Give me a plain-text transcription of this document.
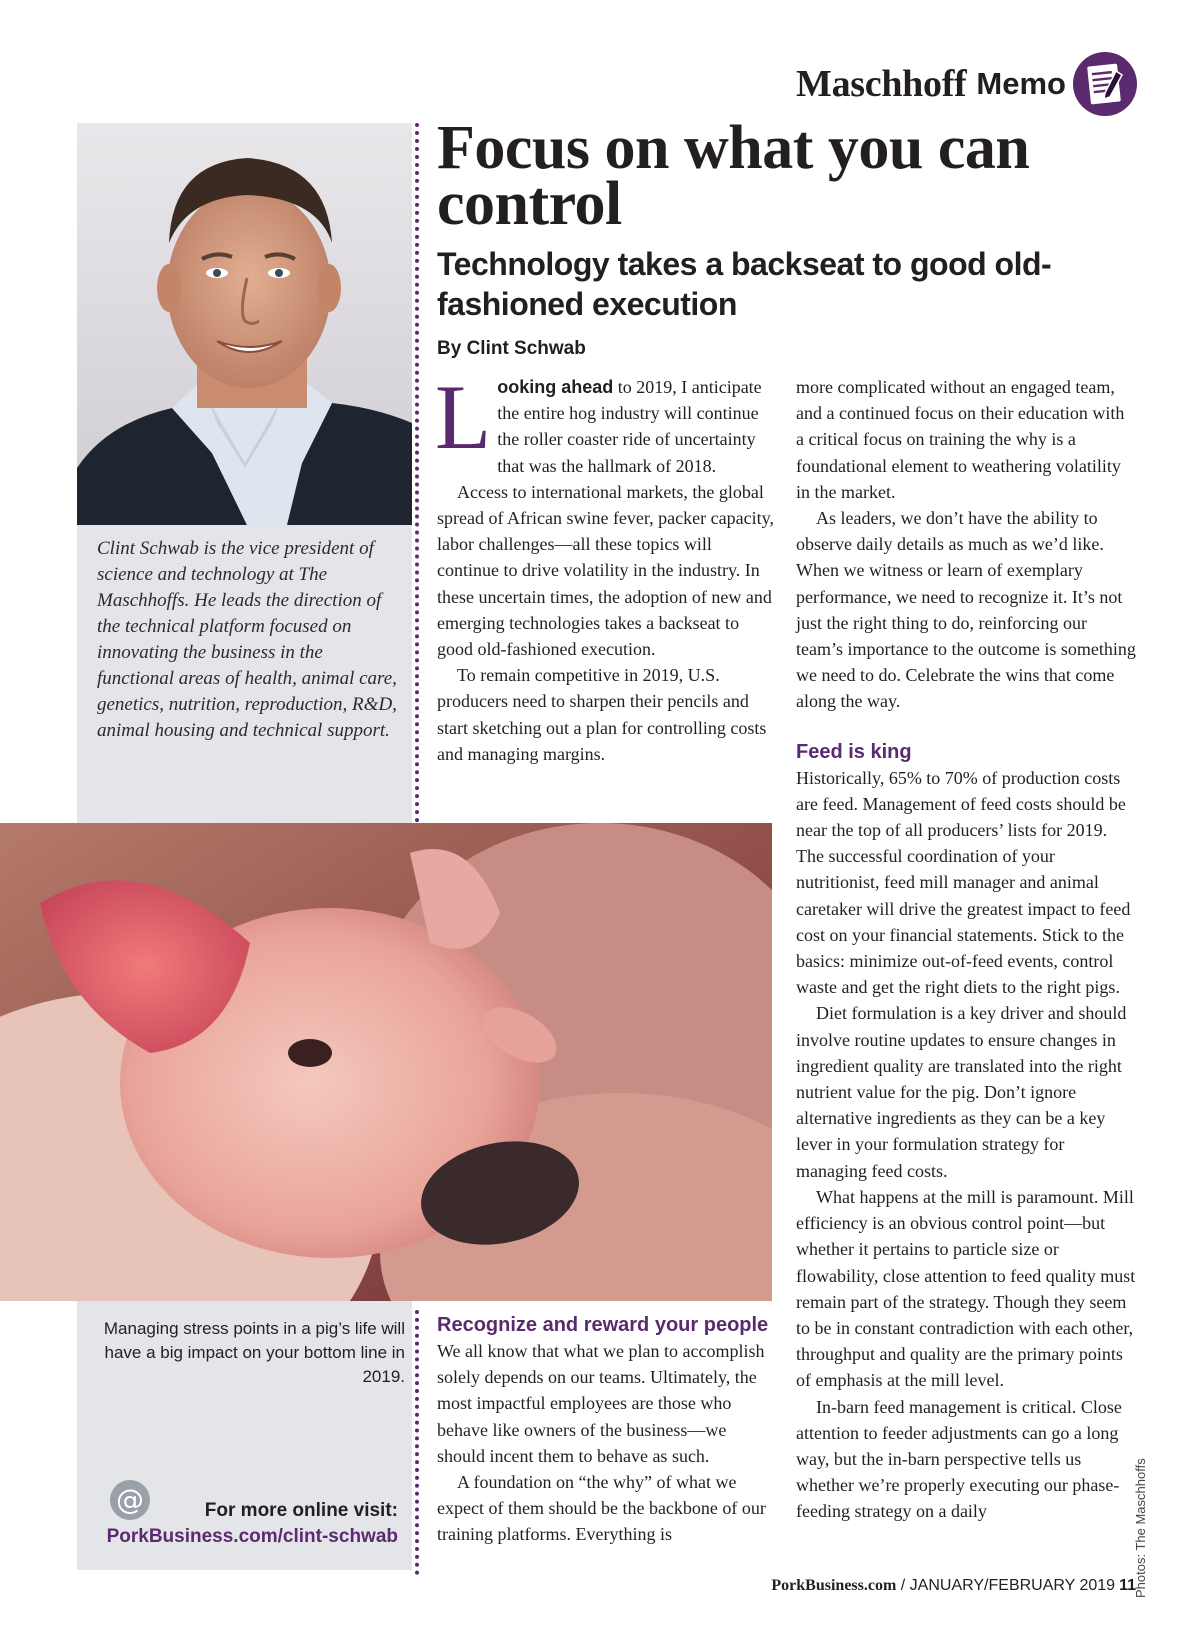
Maschhoff Memo
Clint Schwab is the vice president of science and technology at The Maschhoffs. He leads the direction of the technical platform focused on innovating the business in the functional areas of health, animal care, genetics, nutrition, reproduction, R&D, animal housing and technical support.
Managing stress points in a pig’s life will have a big impact on your bottom line in 2019.
@	For more online visit:
PorkBusiness.com/clint-schwab
Focus on what you can control
Technology takes a backseat to good old-fashioned execution
By Clint Schwab

Looking ahead to 2019, I anticipate the entire hog industry will continue the roller coaster ride of uncertainty that was the hallmark of 2018.

Access to international markets, the global spread of African swine fever, packer capacity, labor challenges—all these topics will continue to drive volatility in the industry. In these uncertain times, the adoption of new and emerging technologies takes a backseat to good old-fashioned execution.

To remain competitive in 2019, U.S. producers need to sharpen their pencils and start sketching out a plan for controlling costs and managing margins.

Recognize and reward your people

We all know that what we plan to accomplish solely depends on our teams. Ultimately, the most impactful employees are those who behave like owners of the business—we should incent them to behave as such.

A foundation on “the why” of what we expect of them should be the backbone of our training platforms. Everything is

more complicated without an engaged team, and a continued focus on their education with a critical focus on training the why is a foundational element to weathering volatility in the market.

As leaders, we don’t have the ability to observe daily details as much as we’d like. When we witness or learn of exemplary performance, we need to recognize it. It’s not just the right thing to do, reinforcing our team’s importance to the outcome is something we need to do. Celebrate the wins that come along the way.

Feed is king

Historically, 65% to 70% of production costs are feed. Management of feed costs should be near the top of all producers’ lists for 2019. The successful coordination of your nutritionist, feed mill manager and animal caretaker will drive the greatest impact to feed cost on your financial statements. Stick to the basics: minimize out-of-feed events, control waste and get the right diets to the right pigs.

Diet formulation is a key driver and should involve routine updates to ensure changes in ingredient quality are translated into the right nutrient value for the pig. Don’t ignore alternative ingredients as they can be a key lever in your formulation strategy for managing feed costs.

What happens at the mill is paramount. Mill efficiency is an obvious control point—but whether it pertains to particle size or flowability, close attention to feed quality must remain part of the strategy. Though they seem to be in constant contradiction with each other, throughput and quality are the primary points of emphasis at the mill level.

In-barn feed management is critical. Close attention to feeder adjustments can go a long way, but the in-barn perspective tells us whether we’re properly executing our phase-feeding strategy on a daily	Photos: The Maschhoffs
PorkBusiness.com / JANUARY/FEBRUARY 2019 11
